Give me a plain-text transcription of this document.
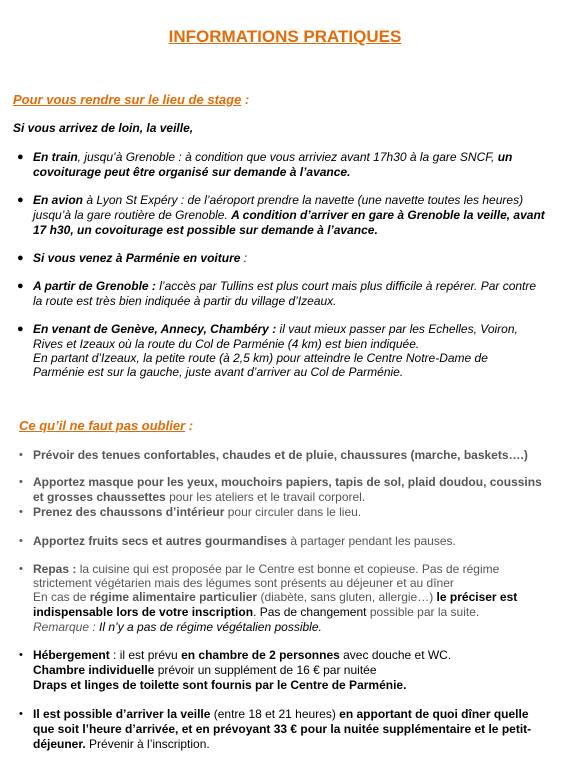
INFORMATIONS PRATIQUES
Pour vous rendre sur le lieu de stage :
Si vous arrivez de loin, la veille,
● En train, jusqu’à Grenoble : à condition que vous arriviez avant 17h30 à la gare SNCF, un
covoiturage peut être organisé sur demande à l’avance.
● En avion à Lyon St Expéry : de l’aéroport prendre la navette (une navette toutes les heures)
jusqu’à la gare routière de Grenoble. A condition d’arriver en gare à Grenoble la veille, avant
17 h30, un covoiturage est possible sur demande à l’avance.
● Si vous venez à Parménie en voiture :
● A partir de Grenoble : l’accès par Tullins est plus court mais plus difficile à repérer. Par contre
la route est très bien indiquée à partir du village d’Izeaux.
● En venant de Genève, Annecy, Chambéry : il vaut mieux passer par les Echelles, Voiron,
Rives et Izeaux où la route du Col de Parménie (4 km) est bien indiquée.
En partant d’Izeaux, la petite route (à 2,5 km) pour atteindre le Centre Notre-Dame de
Parménie est sur la gauche, juste avant d’arriver au Col de Parménie.
Ce qu’il ne faut pas oublier :
• Prévoir des tenues confortables, chaudes et de pluie, chaussures (marche, baskets….)
• Apportez masque pour les yeux, mouchoirs papiers, tapis de sol, plaid doudou, coussins
et grosses chaussettes pour les ateliers et le travail corporel.
• Prenez des chaussons d’intérieur pour circuler dans le lieu.
• Apportez fruits secs et autres gourmandises à partager pendant les pauses.
• Repas : la cuisine qui est proposée par le Centre est bonne et copieuse. Pas de régime
strictement végétarien mais des légumes sont présents au déjeuner et au dîner
En cas de régime alimentaire particulier (diabète, sans gluten, allergie…) le préciser est
indispensable lors de votre inscription. Pas de changement possible par la suite.
Remarque : Il n’y a pas de régime végétalien possible.
• Hébergement : il est prévu en chambre de 2 personnes avec douche et WC.
Chambre individuelle prévoir un supplément de 16 € par nuitée
Draps et linges de toilette sont fournis par le Centre de Parménie.
• Il est possible d’arriver la veille (entre 18 et 21 heures) en apportant de quoi dîner quelle
que soit l’heure d’arrivée, et en prévoyant 33 € pour la nuitée supplémentaire et le petit-
déjeuner. Prévenir à l’inscription.
